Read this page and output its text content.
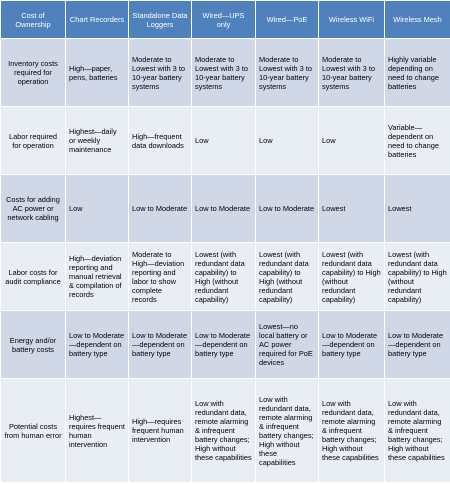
Cost of Ownership	Chart Recorders	Standalone Data Loggers	Wired—UPS only	Wired—PoE	Wireless WiFi	Wireless Mesh
Inventory costs required for operation	High—paper, pens, batteries	Moderate to Lowest with 3 to 10-year battery systems	Moderate to Lowest with 3 to 10-year battery systems	Moderate to Lowest with 3 to 10-year battery systems	Moderate to Lowest with 3 to 10-year battery systems	Highly variable depending on need to change batteries
Labor required for operation	Highest—daily or weekly maintenance	High—frequent data downloads	Low	Low	Low	Variable—dependent on need to change batteries
Costs for adding AC power or network cabling	Low	Low to Moderate	Low to Moderate	Low to Moderate	Lowest	Lowest
Labor costs for audit compliance	High—deviation reporting and manual retrieval & compilation of records	Moderate to High—deviation reporting and labor to show complete records	Lowest (with redundant data capability) to High (without redundant capability)	Lowest (with redundant data capability) to High (without redundant capability)	Lowest (with redundant data capability) to High (without redundant capability)	Lowest (with redundant data capability) to High (without redundant capability)
Energy and/or battery costs	Low to Moderate—dependent on battery type	Low to Moderate—dependent on battery type	Low to Moderate—dependent on battery type	Lowest—no local battery or AC power required for PoE devices	Low to Moderate—dependent on battery type	Low to Moderate—dependent on battery type
Potential costs from human error	Highest—requires frequent human intervention	High—requires frequent human intervention	Low with redundant data, remote alarming & infrequent battery changes; High without these capabilities	Low with redundant data, remote alarming & infrequent battery changes; High without these capabilities	Low with redundant data, remote alarming & infrequent battery changes; High without these capabilities	Low with redundant data, remote alarming & infrequent battery changes; High without these capabilities
